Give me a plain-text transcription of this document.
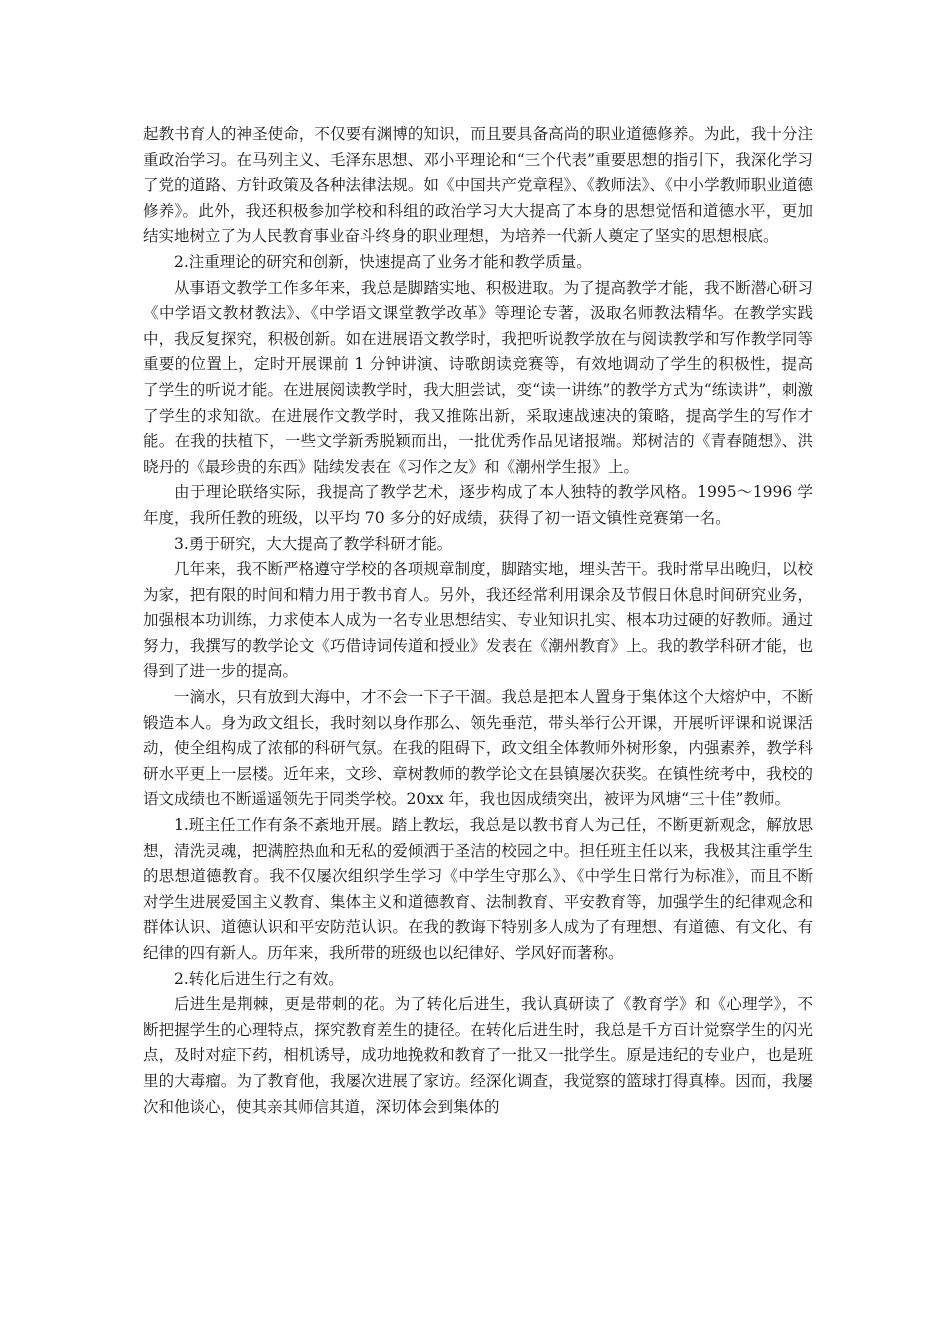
起教书育人的神圣使命，不仅要有渊博的知识，而且要具备高尚的职业道德修养。为此，我十分注重政治学习。在马列主义、毛泽东思想、邓小平理论和“三个代表”重要思想的指引下，我深化学习了党的道路、方针政策及各种法律法规。如《中国共产党章程》、《教师法》、《中小学教师职业道德修养》。此外，我还积极参加学校和科组的政治学习大大提高了本身的思想觉悟和道德水平，更加结实地树立了为人民教育事业奋斗终身的职业理想，为培养一代新人奠定了坚实的思想根底。

2.注重理论的研究和创新，快速提高了业务才能和教学质量。

从事语文教学工作多年来，我总是脚踏实地、积极进取。为了提高教学才能，我不断潜心研习《中学语文教材教法》、《中学语文课堂教学改革》等理论专著，汲取名师教法精华。在教学实践中，我反复探究，积极创新。如在进展语文教学时，我把听说教学放在与阅读教学和写作教学同等重要的位置上，定时开展课前 1 分钟讲演、诗歌朗读竞赛等，有效地调动了学生的积极性，提高了学生的听说才能。在进展阅读教学时，我大胆尝试，变“读一讲练”的教学方式为“练读讲”，刺激了学生的求知欲。在进展作文教学时，我又推陈出新，采取速战速决的策略，提高学生的写作才能。在我的扶植下，一些文学新秀脱颖而出，一批优秀作品见诸报端。郑树洁的《青春随想》、洪晓丹的《最珍贵的东西》陆续发表在《习作之友》和《潮州学生报》上。

由于理论联络实际，我提高了教学艺术，逐步构成了本人独特的教学风格。1995～1996 学年度，我所任教的班级，以平均 70 多分的好成绩，获得了初一语文镇性竞赛第一名。

3.勇于研究，大大提高了教学科研才能。

几年来，我不断严格遵守学校的各项规章制度，脚踏实地，埋头苦干。我时常早出晚归，以校为家，把有限的时间和精力用于教书育人。另外，我还经常利用课余及节假日休息时间研究业务，加强根本功训练，力求使本人成为一名专业思想结实、专业知识扎实、根本功过硬的好教师。通过努力，我撰写的教学论文《巧借诗词传道和授业》发表在《潮州教育》上。我的教学科研才能，也得到了进一步的提高。

一滴水，只有放到大海中，才不会一下子干涸。我总是把本人置身于集体这个大熔炉中，不断锻造本人。身为政文组长，我时刻以身作那么、领先垂范，带头举行公开课，开展听评课和说课活动，使全组构成了浓郁的科研气氛。在我的阻碍下，政文组全体教师外树形象，内强素养，教学科研水平更上一层楼。近年来，文珍、章树教师的教学论文在县镇屡次获奖。在镇性统考中，我校的语文成绩也不断遥遥领先于同类学校。20xx 年，我也因成绩突出，被评为风塘“三十佳”教师。

1.班主任工作有条不紊地开展。踏上教坛，我总是以教书育人为己任，不断更新观念，解放思想，清洗灵魂，把满腔热血和无私的爱倾洒于圣洁的校园之中。担任班主任以来，我极其注重学生的思想道德教育。我不仅屡次组织学生学习《中学生守那么》、《中学生日常行为标准》，而且不断对学生进展爱国主义教育、集体主义和道德教育、法制教育、平安教育等，加强学生的纪律观念和群体认识、道德认识和平安防范认识。在我的教诲下特别多人成为了有理想、有道德、有文化、有纪律的四有新人。历年来，我所带的班级也以纪律好、学风好而著称。

2.转化后进生行之有效。

后进生是荆棘，更是带刺的花。为了转化后进生，我认真研读了《教育学》和《心理学》，不断把握学生的心理特点，探究教育差生的捷径。在转化后进生时，我总是千方百计觉察学生的闪光点，及时对症下药，相机诱导，成功地挽救和教育了一批又一批学生。原是违纪的专业户，也是班里的大毒瘤。为了教育他，我屡次进展了家访。经深化调查，我觉察的篮球打得真棒。因而，我屡次和他谈心，使其亲其师信其道，深切体会到集体的
